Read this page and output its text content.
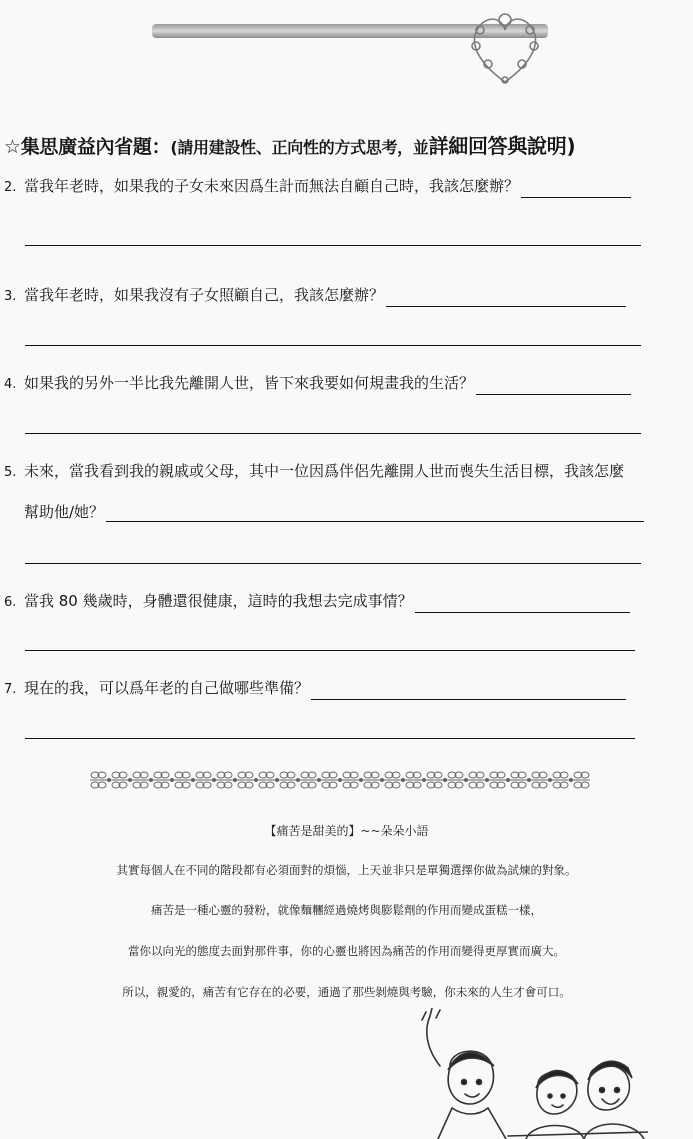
☆集思廣益內省題：(請用建設性、正向性的方式思考，並詳細回答與說明)
2. 當我年老時，如果我的子女未來因爲生計而無法自顧自己時，我該怎麼辦？
3. 當我年老時，如果我沒有子女照顧自己，我該怎麼辦？
4. 如果我的另外一半比我先離開人世，皆下來我要如何規畫我的生活？
5. 未來，當我看到我的親戚或父母，其中一位因爲伴侶先離開人世而喪失生活目標，我該怎麼
幫助他/她？
6. 當我 80 幾歲時，身體還很健康，這時的我想去完成事情？
7. 現在的我，可以爲年老的自己做哪些準備？
【痛苦是甜美的】~~朵朵小語
其實每個人在不同的階段都有必須面對的煩惱，上天並非只是單獨選擇你做為試煉的對象。
痛苦是一種心靈的發粉，就像麵糰經過燒烤與膨鬆劑的作用而變成蛋糕一樣，
當你以向光的態度去面對那件事，你的心靈也將因為痛苦的作用而變得更厚實而廣大。
所以，親愛的，痛苦有它存在的必要，通過了那些剝燒與考驗，你未來的人生才會可口。
